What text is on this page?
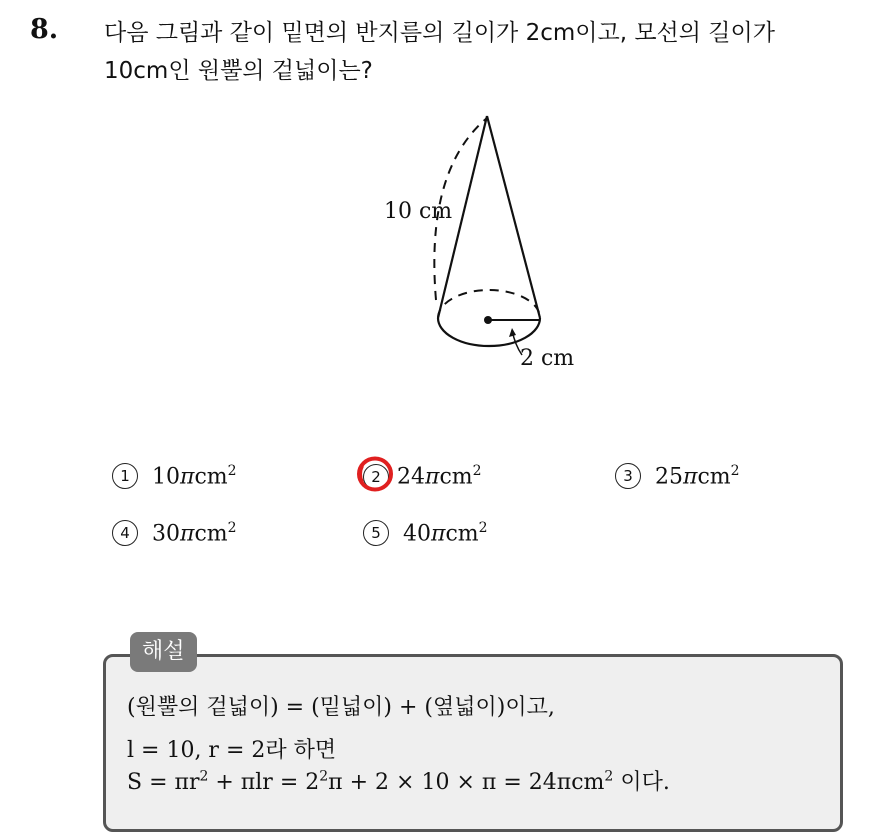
8. 다음 그림과 같이 밑면의 반지름의 길이가 2cm이고, 모선의 길이가
10cm인 원뿔의 겉넓이는?
10 cm
2 cm
1	10πcm$^2$	2 24πcm$^2$	3	25πcm$^2$
4	30πcm$^2$	5	40πcm$^2$
해설
(원뿔의 겉넓이) = (밑넓이) + (옆넓이)이고,
l = 10, r = 2라 하면
$S = \pi r^2 + \pi lr = 2^2\pi + 2 \times 10 \times \pi = 24\pi cm^2$ 이다.
